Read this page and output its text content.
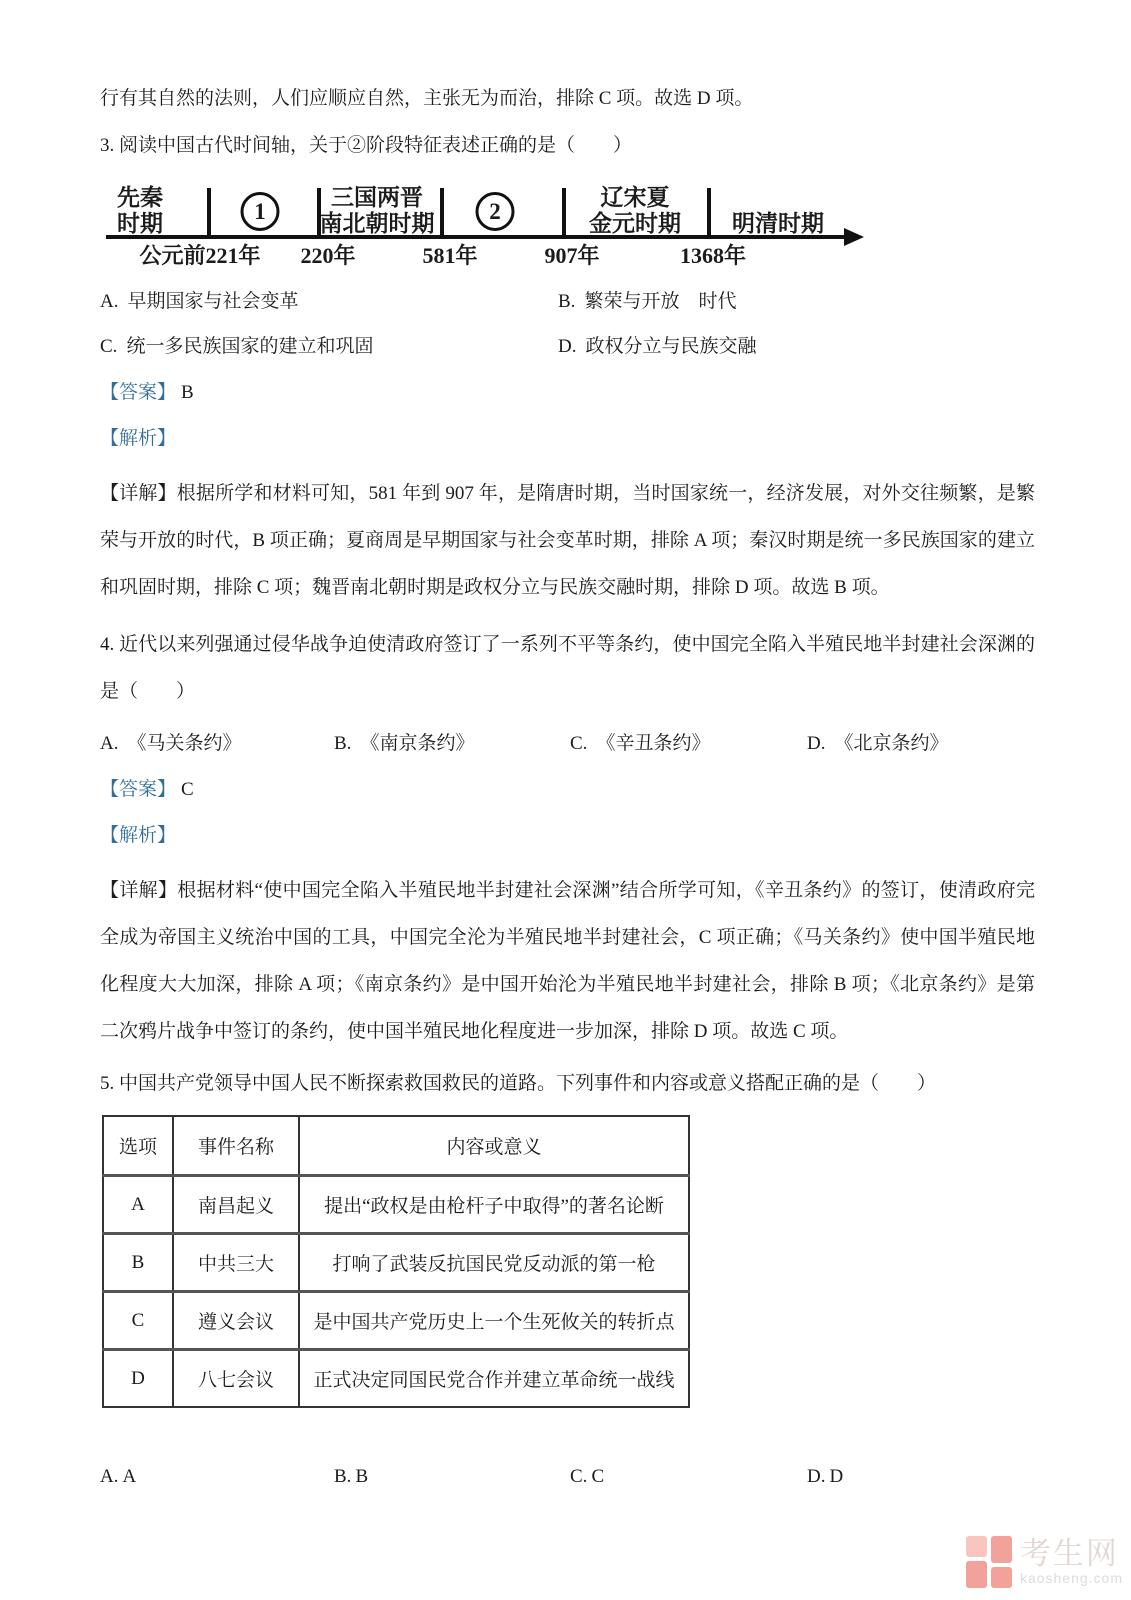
行有其自然的法则，人们应顺应自然，主张无为而治，排除 C 项。故选 D 项。

3. 阅读中国古代时间轴，关于②阶段特征表述正确的是（　　）

先秦
时期	1
三国两晋
南北朝时期	2
辽宋夏
金元时期 明清时期
公元前221年 220年	581年	907年	1368年
A. 早期国家与社会变革	B. 繁荣与开放　时代
C. 统一多民族国家的建立和巩固	D. 政权分立与民族交融

【答案】 B

【解析】

【详解】根据所学和材料可知，581 年到 907 年，是隋唐时期，当时国家统一，经济发展，对外交往频繁，是繁荣与开放的时代，B 项正确；夏商周是早期国家与社会变革时期，排除 A 项；秦汉时期是统一多民族国家的建立和巩固时期，排除 C 项；魏晋南北朝时期是政权分立与民族交融时期，排除 D 项。故选 B 项。

4. 近代以来列强通过侵华战争迫使清政府签订了一系列不平等条约，使中国完全陷入半殖民地半封建社会深渊的是（　　）

A. 《马关条约》	B. 《南京条约》	C. 《辛丑条约》	D. 《北京条约》

【答案】 C

【解析】

【详解】根据材料“使中国完全陷入半殖民地半封建社会深渊”结合所学可知，《辛丑条约》的签订，使清政府完全成为帝国主义统治中国的工具，中国完全沦为半殖民地半封建社会，C 项正确；《马关条约》使中国半殖民地化程度大大加深，排除 A 项；《南京条约》是中国开始沦为半殖民地半封建社会，排除 B 项；《北京条约》是第二次鸦片战争中签订的条约，使中国半殖民地化程度进一步加深，排除 D 项。故选 C 项。

5. 中国共产党领导中国人民不断探索救国救民的道路。下列事件和内容或意义搭配正确的是（　　）

选项	事件名称	内容或意义
A	南昌起义	提出“政权是由枪杆子中取得”的著名论断
B	中共三大	打响了武装反抗国民党反动派的第一枪
C	遵义会议	是中国共产党历史上一个生死攸关的转折点
D	八七会议	正式决定同国民党合作并建立革命统一战线
A. A	B. B	C. C	D. D
考生网
kaosheng.com
